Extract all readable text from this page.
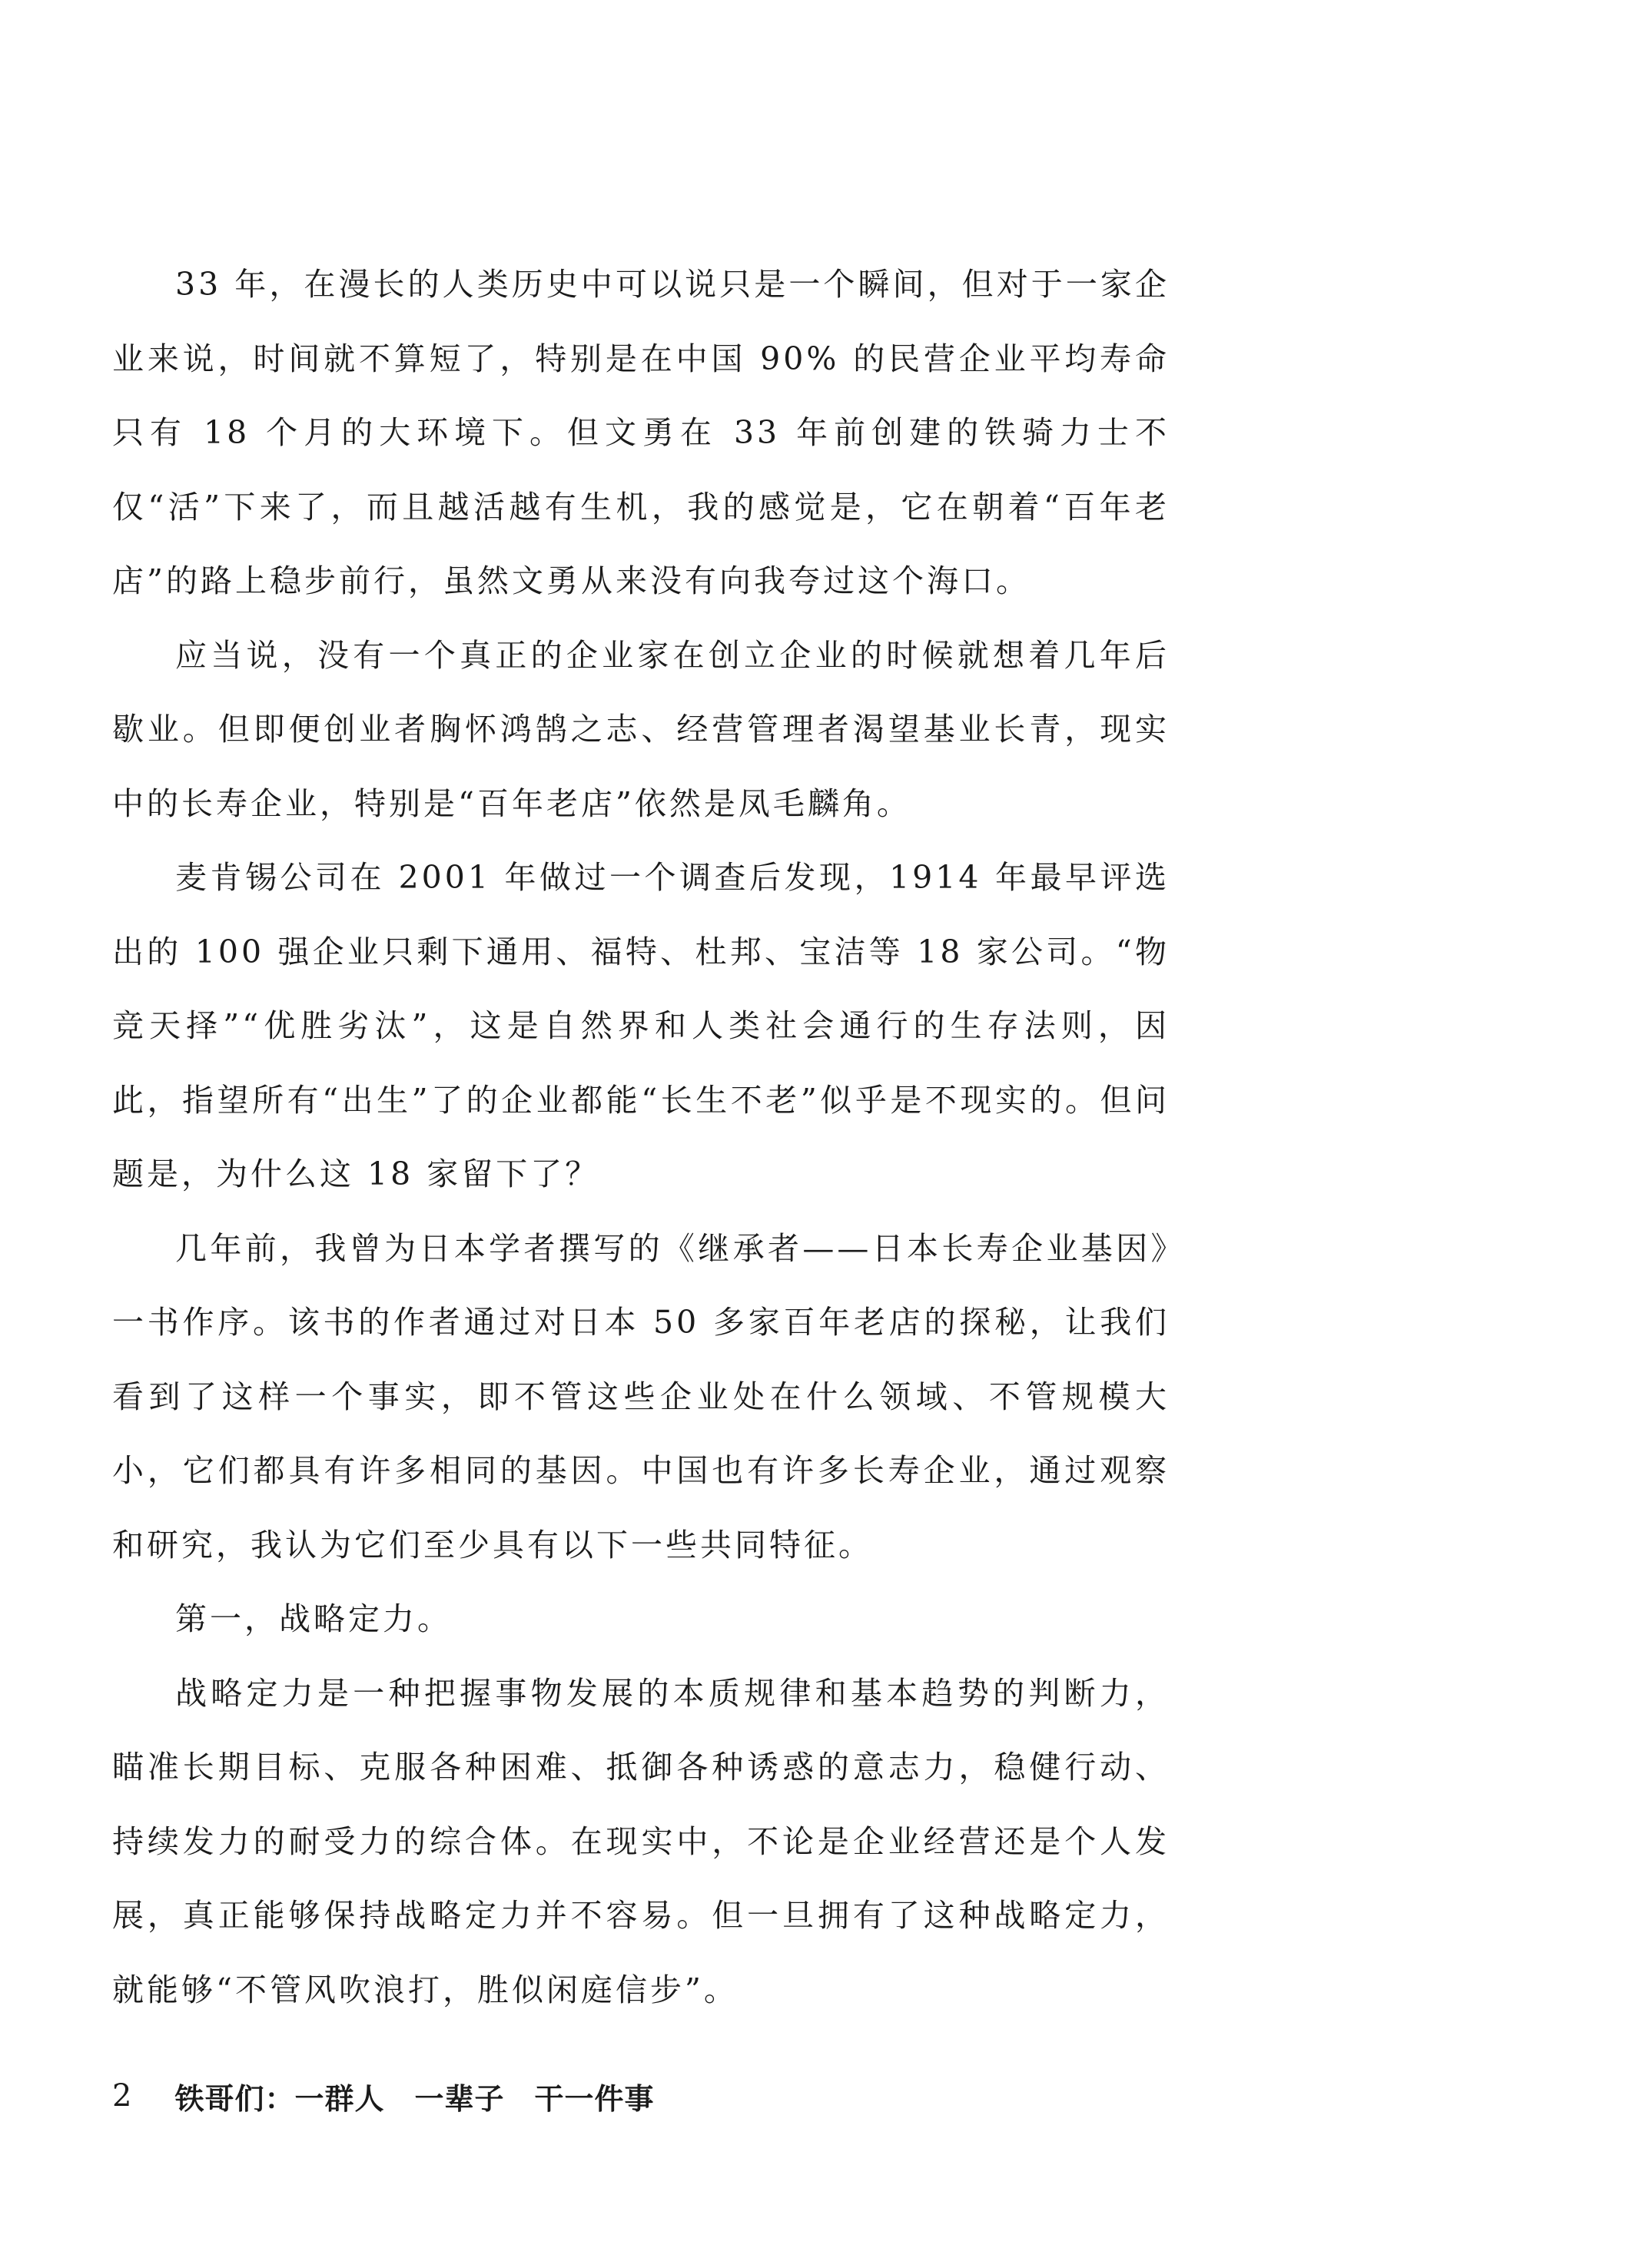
33 年，在漫长的人类历史中可以说只是一个瞬间，但对于一家企业来说，时间就不算短了，特别是在中国 90% 的民营企业平均寿命只有 18 个月的大环境下。但文勇在 33 年前创建的铁骑力士不仅“活”下来了，而且越活越有生机，我的感觉是，它在朝着“百年老店”的路上稳步前行，虽然文勇从来没有向我夸过这个海口。

应当说，没有一个真正的企业家在创立企业的时候就想着几年后歇业。但即便创业者胸怀鸿鹄之志、经营管理者渴望基业长青，现实中的长寿企业，特别是“百年老店”依然是凤毛麟角。

麦肯锡公司在 2001 年做过一个调查后发现，1914 年最早评选出的 100 强企业只剩下通用、福特、杜邦、宝洁等 18 家公司。“物竞天择”“优胜劣汰”，这是自然界和人类社会通行的生存法则，因此，指望所有“出生”了的企业都能“长生不老”似乎是不现实的。但问题是，为什么这 18 家留下了？

几年前，我曾为日本学者撰写的《继承者——日本长寿企业基因》一书作序。该书的作者通过对日本 50 多家百年老店的探秘，让我们看到了这样一个事实，即不管这些企业处在什么领域、不管规模大小，它们都具有许多相同的基因。中国也有许多长寿企业，通过观察和研究，我认为它们至少具有以下一些共同特征。

第一，战略定力。

战略定力是一种把握事物发展的本质规律和基本趋势的判断力，瞄准长期目标、克服各种困难、抵御各种诱惑的意志力，稳健行动、持续发力的耐受力的综合体。在现实中，不论是企业经营还是个人发展，真正能够保持战略定力并不容易。但一旦拥有了这种战略定力，就能够“不管风吹浪打，胜似闲庭信步”。

2 铁哥们：一群人　一辈子　干一件事
